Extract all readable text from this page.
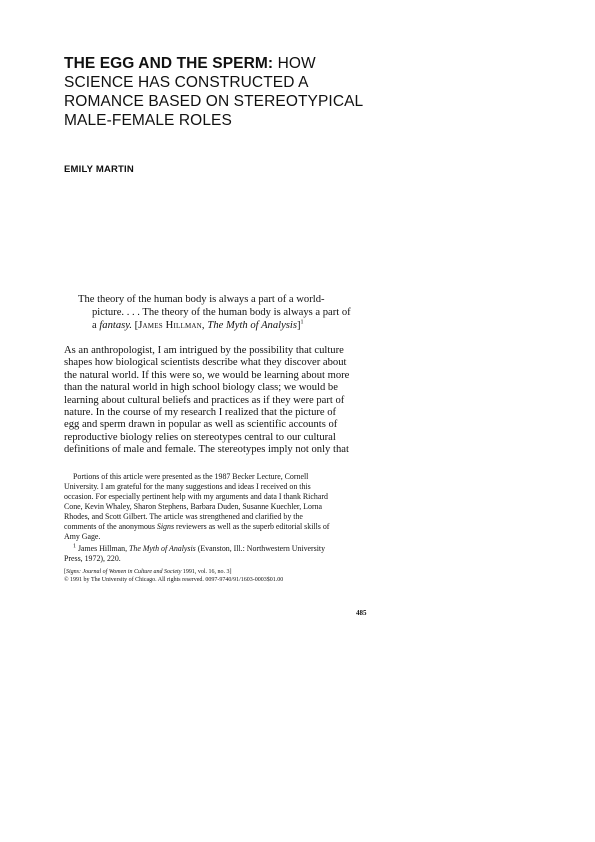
THE EGG AND THE SPERM: HOW
SCIENCE HAS CONSTRUCTED A
ROMANCE BASED ON STEREOTYPICAL
MALE-FEMALE ROLES
EMILY MARTIN
The theory of the human body is always a part of a world-
picture. . . . The theory of the human body is always a part of
a fantasy. [James Hillman, The Myth of Analysis]$^1$
As an anthropologist, I am intrigued by the possibility that culture
shapes how biological scientists describe what they discover about
the natural world. If this were so, we would be learning about more
than the natural world in high school biology class; we would be
learning about cultural beliefs and practices as if they were part of
nature. In the course of my research I realized that the picture of
egg and sperm drawn in popular as well as scientific accounts of
reproductive biology relies on stereotypes central to our cultural
definitions of male and female. The stereotypes imply not only that
Portions of this article were presented as the 1987 Becker Lecture, Cornell
University. I am grateful for the many suggestions and ideas I received on this
occasion. For especially pertinent help with my arguments and data I thank Richard
Cone, Kevin Whaley, Sharon Stephens, Barbara Duden, Susanne Kuechler, Lorna
Rhodes, and Scott Gilbert. The article was strengthened and clarified by the
comments of the anonymous Signs reviewers as well as the superb editorial skills of
Amy Gage.
$^1$ James Hillman, The Myth of Analysis (Evanston, Ill.: Northwestern University
Press, 1972), 220.
[Signs: Journal of Women in Culture and Society 1991, vol. 16, no. 3]
© 1991 by The University of Chicago. All rights reserved. 0097-9740/91/1603-0003$01.00
485
